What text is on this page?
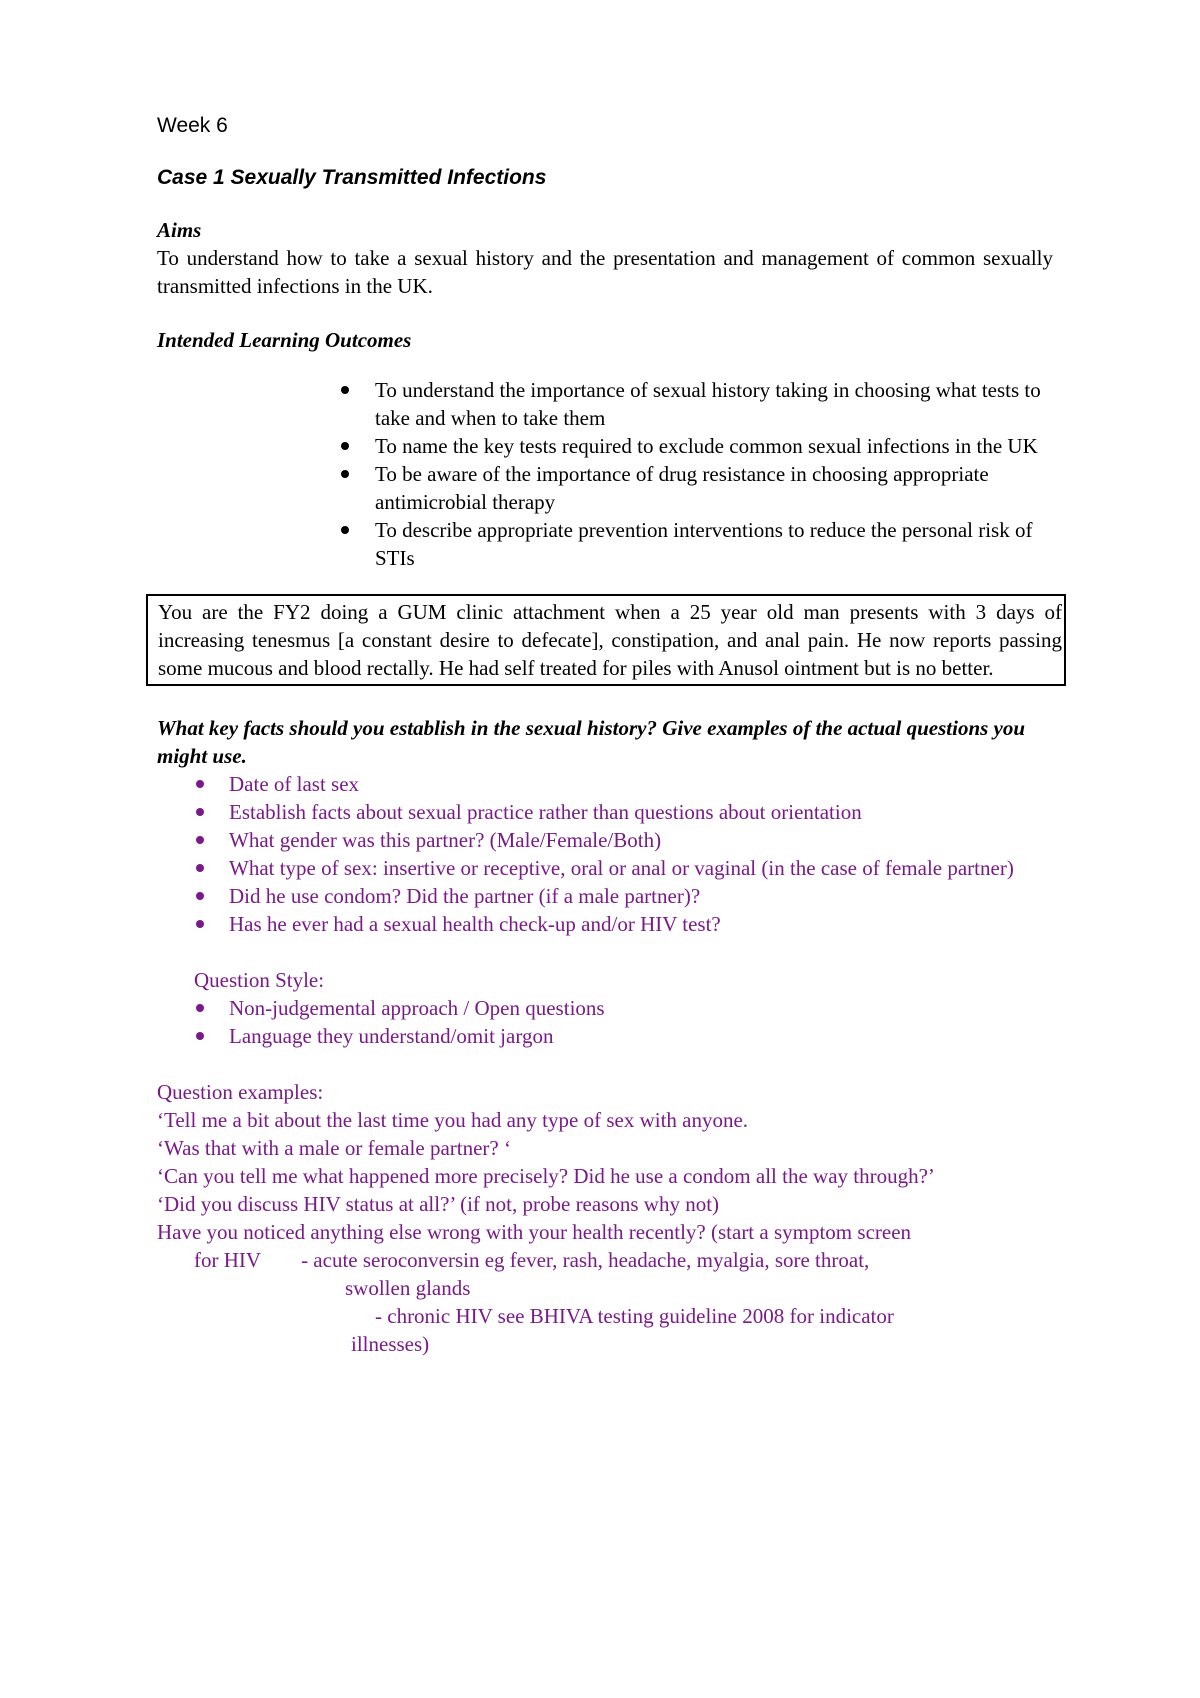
Week 6
Case 1 Sexually Transmitted Infections
Aims

To understand how to take a sexual history and the presentation and management of common sexually transmitted infections in the UK.

Intended Learning Outcomes
To understand the importance of sexual history taking in choosing what tests to take and when to take them
To name the key tests required to exclude common sexual infections in the UK
To be aware of the importance of drug resistance in choosing appropriate antimicrobial therapy
To describe appropriate prevention interventions to reduce the personal risk of STIs
You are the FY2 doing a GUM clinic attachment when a 25 year old man presents with 3 days of increasing tenesmus [a constant desire to defecate], constipation, and anal pain. He now reports passing some mucous and blood rectally. He had self treated for piles with Anusol ointment but is no better.
What key facts should you establish in the sexual history? Give examples of the actual questions you might use.
Date of last sex
Establish facts about sexual practice rather than questions about orientation
What gender was this partner? (Male/Female/Both)
What type of sex: insertive or receptive, oral or anal or vaginal (in the case of female partner)
Did he use condom? Did the partner (if a male partner)?
Has he ever had a sexual health check-up and/or HIV test?
Question Style:
Non-judgemental approach / Open questions
Language they understand/omit jargon
Question examples:

‘Tell me a bit about the last time you had any type of sex with anyone.

‘Was that with a male or female partner? ‘

‘Can you tell me what happened more precisely? Did he use a condom all the way through?’

‘Did you discuss HIV status at all?’ (if not, probe reasons why not)

Have you noticed anything else wrong with your health recently? (start a symptom screen

for HIV - acute seroconversin eg fever, rash, headache, myalgia, sore throat,

swollen glands

- chronic HIV see BHIVA testing guideline 2008 for indicator

illnesses)
